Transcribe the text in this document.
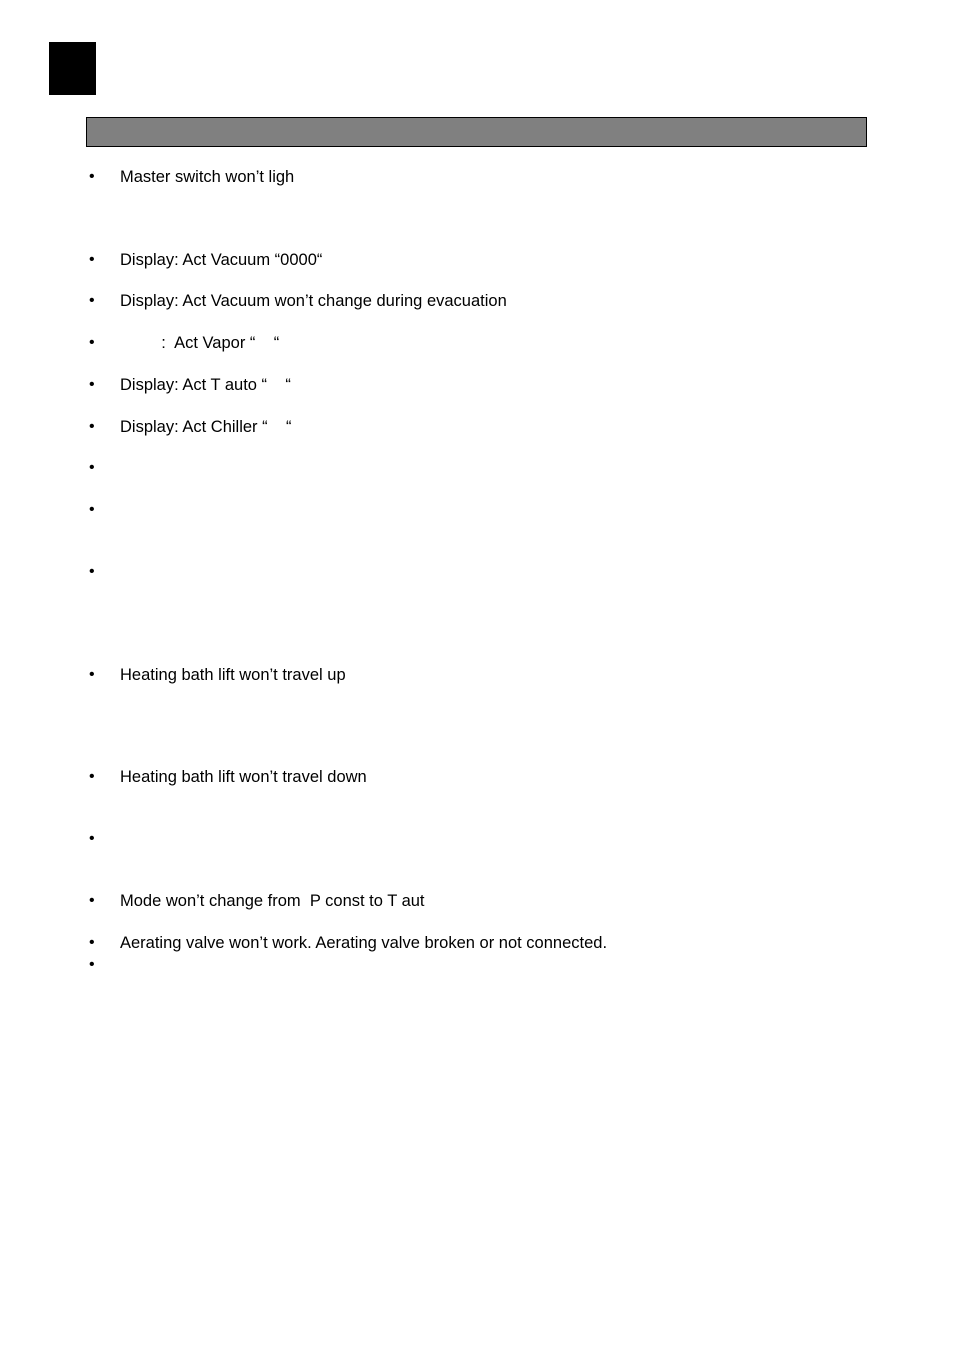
• Master switch won’t ligh
• Display: Act Vacuum “0000“
• Display: Act Vacuum won’t change during evacuation
• :  Act Vapor “    “
• Display: Act T auto “    “
• Display: Act Chiller “    “
•
•
•
• Heating bath lift won’t travel up
• Heating bath lift won’t travel down
•
• Mode won’t change from  P const to T aut
• Aerating valve won’t work. Aerating valve broken or not connected.
•
